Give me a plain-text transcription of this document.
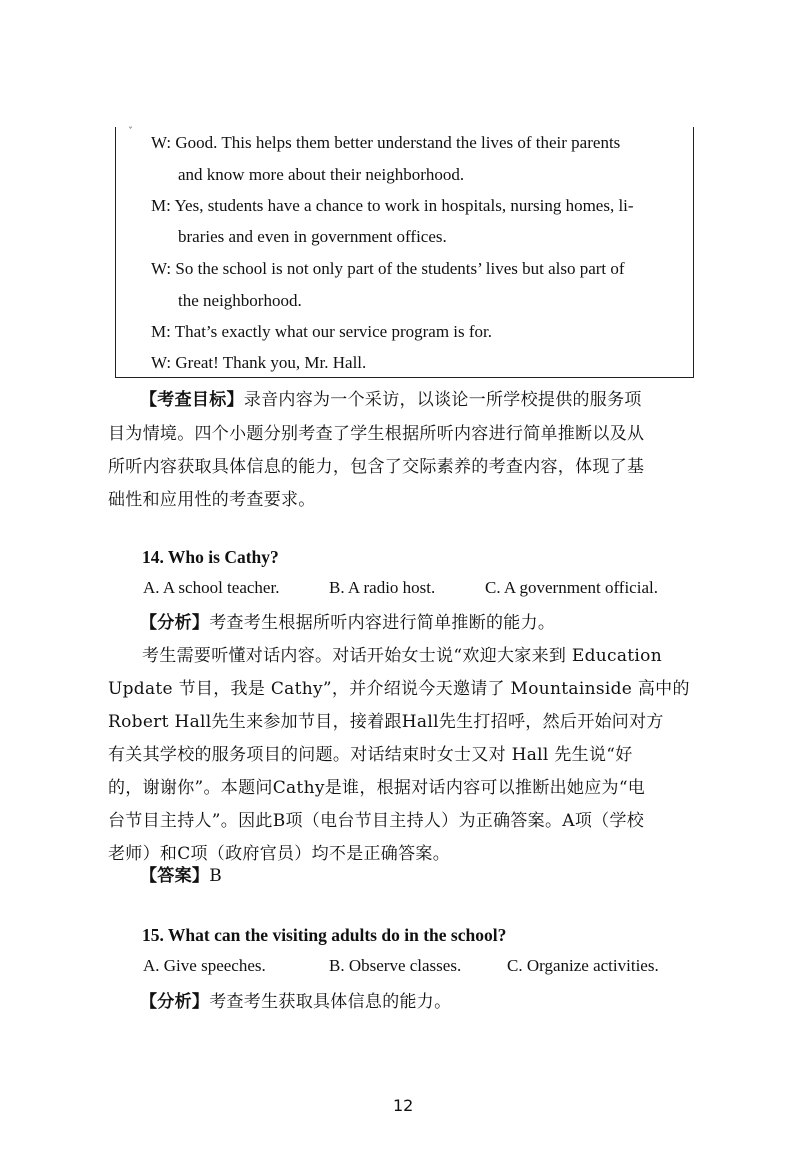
ˇ
W: Good. This helps them better understand the lives of their parents
and know more about their neighborhood.
M: Yes, students have a chance to work in hospitals, nursing homes, li-
braries and even in government offices.
W: So the school is not only part of the students’ lives but also part of
the neighborhood.
M: That’s exactly what our service program is for.
W: Great! Thank you, Mr. Hall.
【考查目标】录音内容为一个采访，以谈论一所学校提供的服务项
目为情境。四个小题分别考查了学生根据所听内容进行简单推断以及从
所听内容获取具体信息的能力，包含了交际素养的考查内容，体现了基
础性和应用性的考查要求。
14. Who is Cathy?
A. A school teacher.	B. A radio host.	C. A government official.
【分析】考查考生根据所听内容进行简单推断的能力。
考生需要听懂对话内容。对话开始女士说“欢迎大家来到 Education
Update 节目，我是 Cathy”，并介绍说今天邀请了 Mountainside 高中的
Robert Hall先生来参加节目，接着跟Hall先生打招呼，然后开始问对方
有关其学校的服务项目的问题。对话结束时女士又对 Hall 先生说“好
的，谢谢你”。本题问Cathy是谁，根据对话内容可以推断出她应为“电
台节目主持人”。因此B项（电台节目主持人）为正确答案。A项（学校
老师）和C项（政府官员）均不是正确答案。
【答案】B
15. What can the visiting adults do in the school?
A. Give speeches.	B. Observe classes.	C. Organize activities.
【分析】考查考生获取具体信息的能力。
12
